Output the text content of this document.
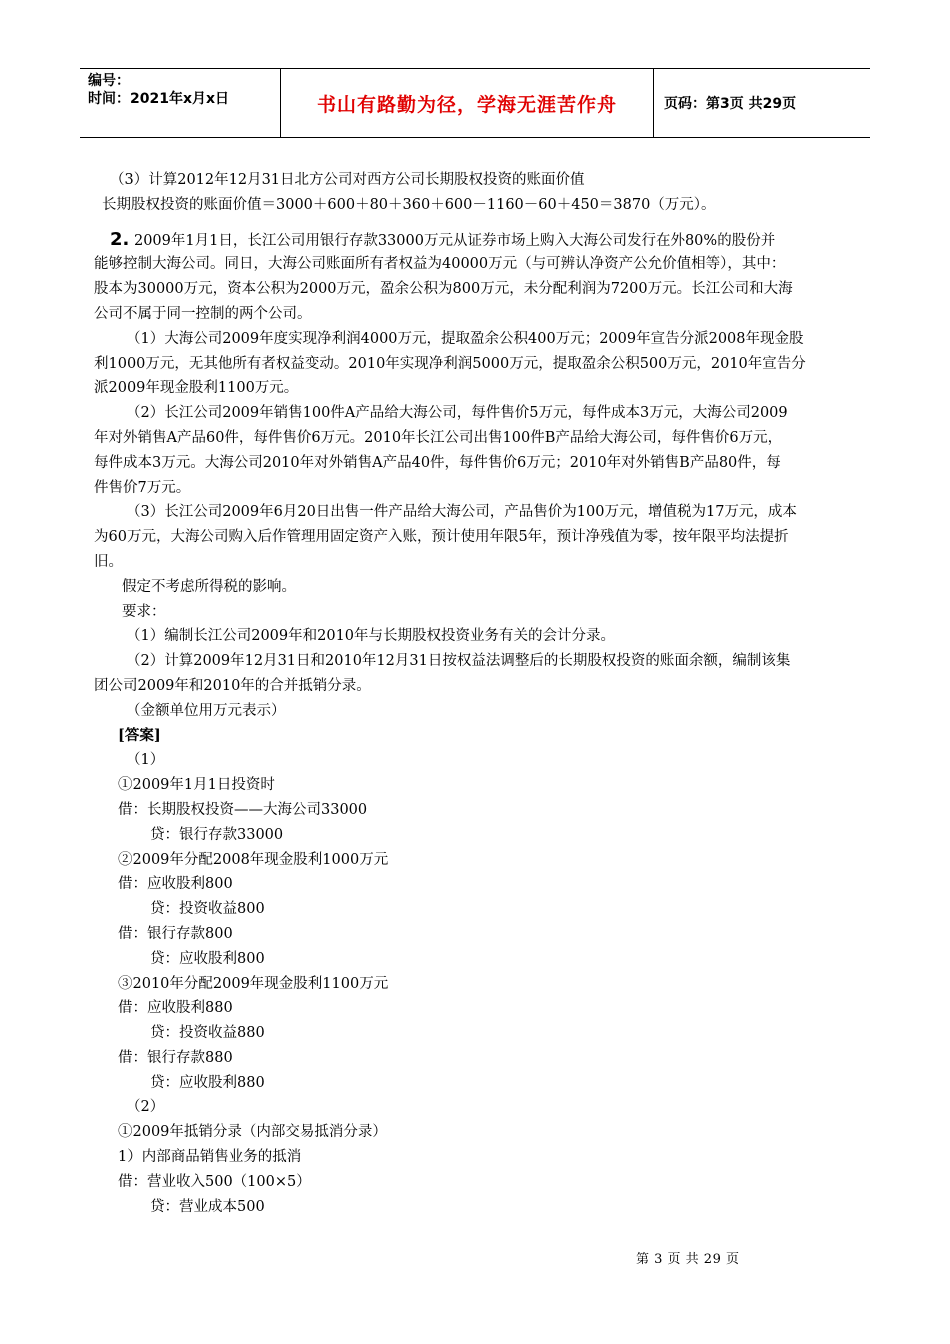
编号：
时间：2021年x月x日	书山有路勤为径，学海无涯苦作舟	页码：第3页 共29页
（3）计算2012年12月31日北方公司对西方公司长期股权投资的账面价值
长期股权投资的账面价值＝3000＋600＋80＋360＋600－1160－60＋450＝3870（万元）。
2. 2009年1月1日，长江公司用银行存款33000万元从证券市场上购入大海公司发行在外80%的股份并
能够控制大海公司。同日，大海公司账面所有者权益为40000万元（与可辨认净资产公允价值相等），其中：
股本为30000万元，资本公积为2000万元，盈余公积为800万元，未分配利润为7200万元。长江公司和大海
公司不属于同一控制的两个公司。
（1）大海公司2009年度实现净利润4000万元，提取盈余公积400万元；2009年宣告分派2008年现金股
利1000万元，无其他所有者权益变动。2010年实现净利润5000万元，提取盈余公积500万元，2010年宣告分
派2009年现金股利1100万元。
（2）长江公司2009年销售100件A产品给大海公司，每件售价5万元，每件成本3万元，大海公司2009
年对外销售A产品60件，每件售价6万元。2010年长江公司出售100件B产品给大海公司，每件售价6万元，
每件成本3万元。大海公司2010年对外销售A产品40件，每件售价6万元；2010年对外销售B产品80件，每
件售价7万元。
（3）长江公司2009年6月20日出售一件产品给大海公司，产品售价为100万元，增值税为17万元，成本
为60万元，大海公司购入后作管理用固定资产入账，预计使用年限5年，预计净残值为零，按年限平均法提折
旧。
假定不考虑所得税的影响。
要求：
（1）编制长江公司2009年和2010年与长期股权投资业务有关的会计分录。
（2）计算2009年12月31日和2010年12月31日按权益法调整后的长期股权投资的账面余额，编制该集
团公司2009年和2010年的合并抵销分录。
（金额单位用万元表示）
[答案]
（1）
①2009年1月1日投资时
借：长期股权投资——大海公司33000
贷：银行存款33000
②2009年分配2008年现金股利1000万元
借：应收股利800
贷：投资收益800
借：银行存款800
贷：应收股利800
③2010年分配2009年现金股利1100万元
借：应收股利880
贷：投资收益880
借：银行存款880
贷：应收股利880
（2）
①2009年抵销分录（内部交易抵消分录）
1）内部商品销售业务的抵消
借：营业收入500（100×5）
贷：营业成本500
第 3 页 共 29 页
